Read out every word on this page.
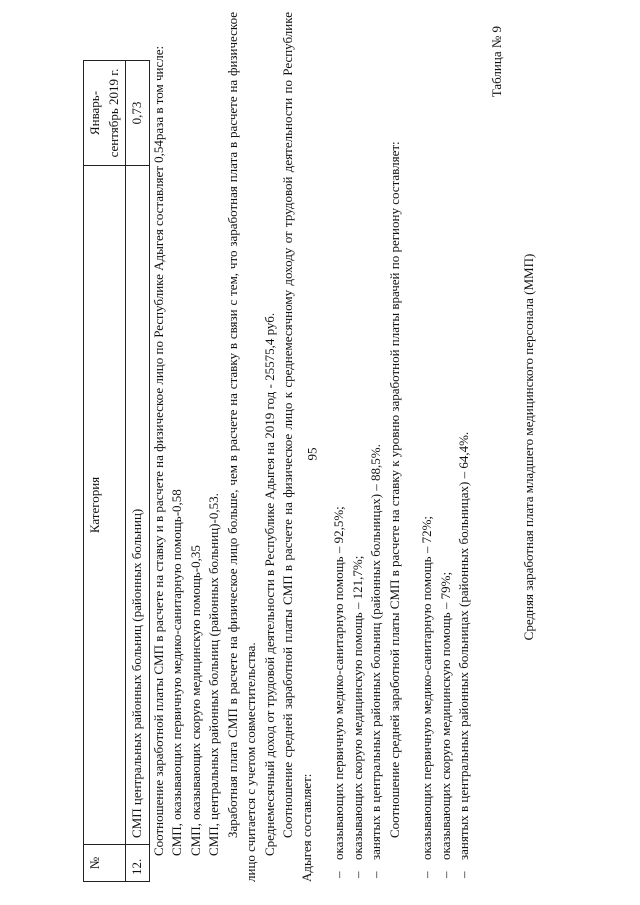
95
№	Категория	Январь-сентябрь 2019 г.
12.	СМП центральных районных больниц (районных больниц)	0,73 Соотношение заработной платы СМП в расчете на ставку и в расчете на физическое лицо по Республике Адыгея составляет 0,54раза в том числе: СМП, оказывающих первичную медико-санитарную помощь-0,58 СМП, оказывающих скорую медицинскую помощь-0,35 СМП, центральных районных больниц (районных больниц)-0,53. Заработная плата СМП в расчете на физическое лицо больше, чем в расчете на ставку в связи с тем, что заработная плата в расчете на физическое лицо считается с учетом совместительства. Среднемесячный доход от трудовой деятельности в Республике Адыгея на 2019 год - 25575,4 руб. Соотношение средней заработной платы СМП в расчете на физическое лицо к среднемесячному доходу от трудовой деятельности по Республике Адыгея составляет: – оказывающих первичную медико-санитарную помощь – 92,5%; – оказывающих скорую медицинскую помощь – 121,7%; – занятых в центральных районных больниц (районных больницах) – 88,5%. Соотношение средней заработной платы СМП в расчете на ставку к уровню заработной платы врачей по региону составляет: – оказывающих первичную медико-санитарную помощь – 72%; – оказывающих скорую медицинскую помощь – 79%; – занятых в центральных районных больницах (районных больницах) – 64,4%.

Таблица № 9

Средняя заработная плата младшего медицинского персонала (ММП)
